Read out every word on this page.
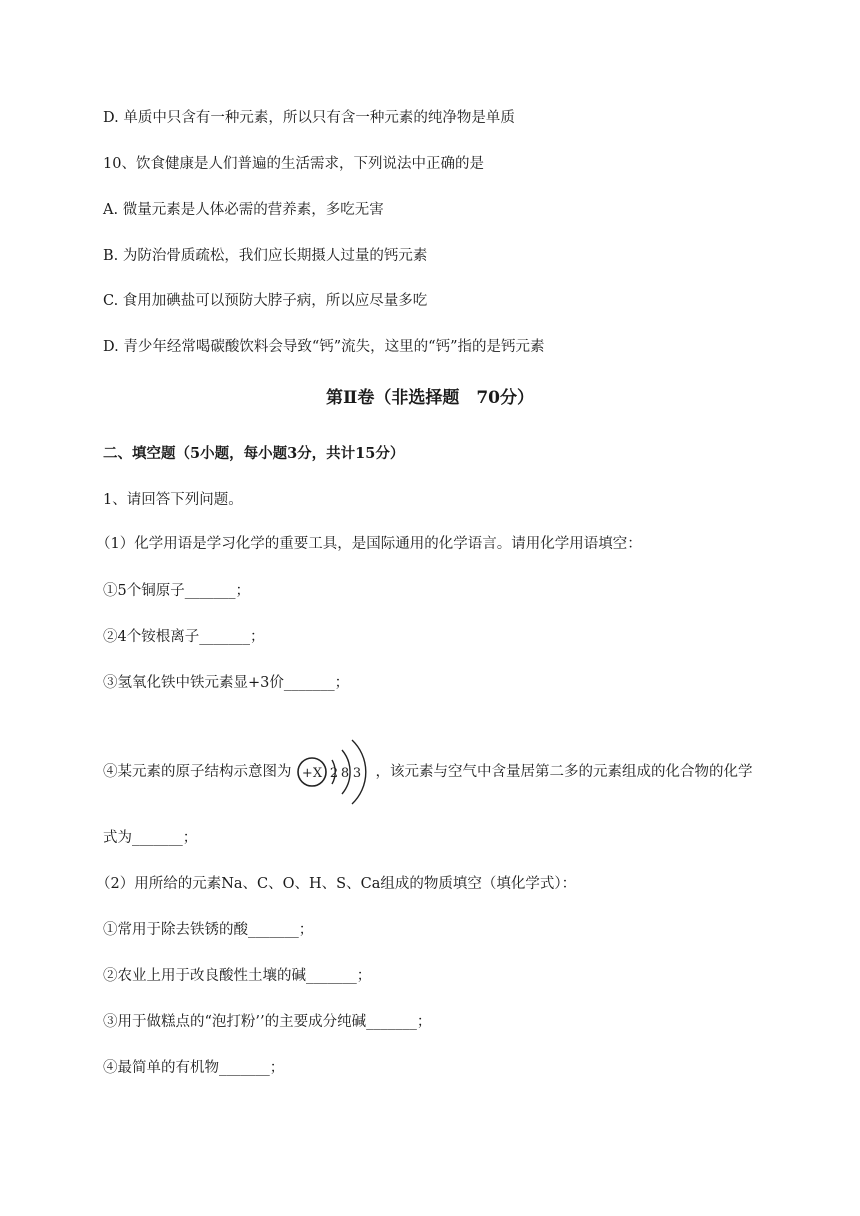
D. 单质中只含有一种元素，所以只有含一种元素的纯净物是单质
10、饮食健康是人们普遍的生活需求，下列说法中正确的是
A. 微量元素是人体必需的营养素，多吃无害
B. 为防治骨质疏松，我们应长期摄人过量的钙元素
C. 食用加碘盐可以预防大脖子病，所以应尽量多吃
D. 青少年经常喝碳酸饮料会导致“钙”流失，这里的“钙”指的是钙元素
第Ⅱ卷（非选择题　70分）
二、填空题（5小题，每小题3分，共计15分）
1、请回答下列问题。
（1）化学用语是学习化学的重要工具，是国际通用的化学语言。请用化学用语填空：
①5个铜原子_______；
②4个铵根离子_______；
③氢氧化铁中铁元素显+3价_______；
④某元素的原子结构示意图为 +X 2 8 3 ，该元素与空气中含量居第二多的元素组成的化合物的化学
式为_______；
（2）用所给的元素Na、C、O、H、S、Ca组成的物质填空（填化学式）：
①常用于除去铁锈的酸_______；
②农业上用于改良酸性土壤的碱_______；
③用于做糕点的“泡打粉’’的主要成分纯碱_______；
④最简单的有机物_______；
